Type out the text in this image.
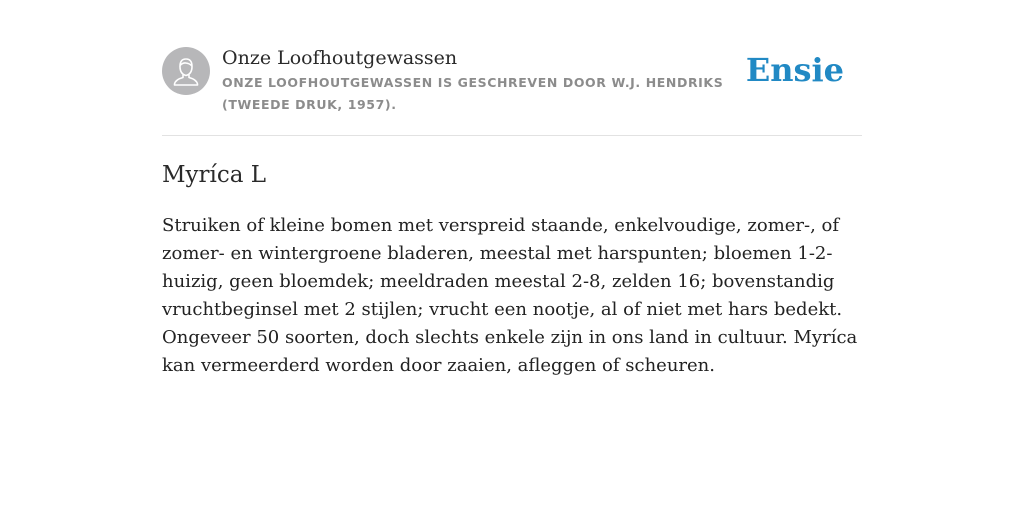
Onze Loofhoutgewassen
ONZE LOOFHOUTGEWASSEN IS GESCHREVEN DOOR W.J. HENDRIKS (TWEEDE DRUK, 1957).
Ensie
Myríca L

Struiken of kleine bomen met verspreid staande, enkelvoudige, zomer-, of zomer- en wintergroene bladeren, meestal met harspunten; bloemen 1-2-huizig, geen bloemdek; meeldraden meestal 2-8, zelden 16; bovenstandig vruchtbeginsel met 2 stijlen; vrucht een nootje, al of niet met hars bedekt. Ongeveer 50 soorten, doch slechts enkele zijn in ons land in cultuur. Myríca kan vermeerderd worden door zaaien, afleggen of scheuren.
